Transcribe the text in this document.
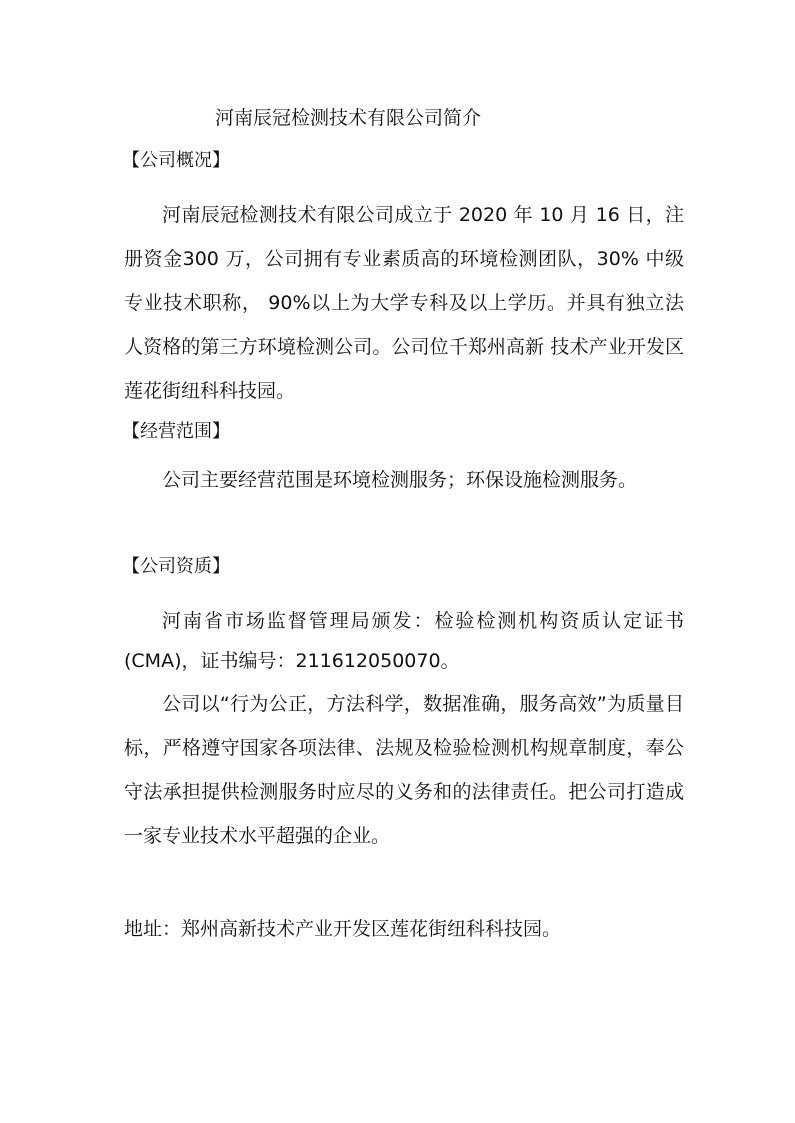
河南辰冠检测技术有限公司简介
【公司概况】

河南辰冠检测技术有限公司成立于 2020 年 10 月 16 日，注册资金300 万，公司拥有专业素质高的环境检测团队，30% 中级专业技术职称， 90%以上为大学专科及以上学历。并具有独立法人资格的第三方环境检测公司。公司位千郑州高新 技术产业开发区莲花街纽科科技园。

【经营范围】

公司主要经营范围是环境检测服务；环保设施检测服务。

【公司资质】

河南省市场监督管理局颁发：检验检测机构资质认定证书(CMA)，证书编号：211612050070。

公司以“行为公正，方法科学，数据准确，服务高效”为质量目标，严格遵守国家各项法律、法规及检验检测机构规章制度，奉公守法承担提供检测服务时应尽的义务和的法律责任。把公司打造成一家专业技术水平超强的企业。

地址：郑州高新技术产业开发区莲花街纽科科技园。
